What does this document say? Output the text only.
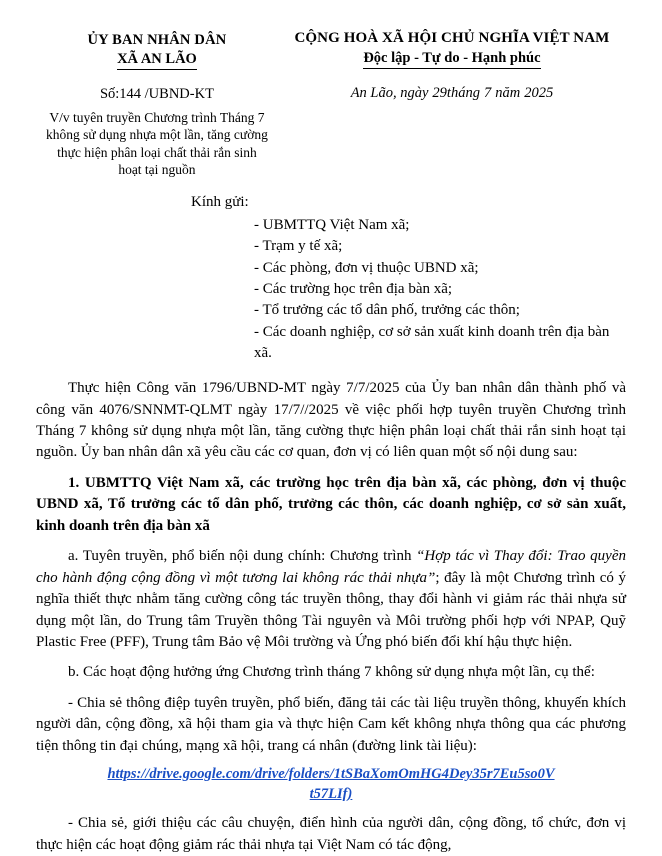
ỦY BAN NHÂN DÂN
XÃ AN LÃO
CỘNG HOÀ XÃ HỘI CHỦ NGHĨA VIỆT NAM
Độc lập - Tự do - Hạnh phúc
Số:144 /UBND-KT
V/v tuyên truyền Chương trình Tháng 7 không sử dụng nhựa một lần, tăng cường thực hiện phân loại chất thải rắn sinh hoạt tại nguồn
An Lão, ngày 29tháng 7 năm 2025
Kính gửi:
- UBMTTQ Việt Nam xã;
- Trạm y tế xã;
- Các phòng, đơn vị thuộc UBND xã;
- Các trường học trên địa bàn xã;
- Tổ trưởng các tổ dân phố, trưởng các thôn;
- Các doanh nghiệp, cơ sở sản xuất kinh doanh trên địa bàn xã.
Thực hiện Công văn 1796/UBND-MT ngày 7/7/2025 của Ủy ban nhân dân thành phố và công văn 4076/SNNMT-QLMT ngày 17/7//2025 về việc phối hợp tuyên truyền Chương trình Tháng 7 không sử dụng nhựa một lần, tăng cường thực hiện phân loại chất thải rắn sinh hoạt tại nguồn. Ủy ban nhân dân xã yêu cầu các cơ quan, đơn vị có liên quan một số nội dung sau:
1. UBMTTQ Việt Nam xã, các trường học trên địa bàn xã, các phòng, đơn vị thuộc UBND xã, Tổ trưởng các tổ dân phố, trưởng các thôn, các doanh nghiệp, cơ sở sản xuất, kinh doanh trên địa bàn xã
a. Tuyên truyền, phổ biến nội dung chính: Chương trình “Hợp tác vì Thay đổi: Trao quyền cho hành động cộng đồng vì một tương lai không rác thải nhựa”; đây là một Chương trình có ý nghĩa thiết thực nhằm tăng cường công tác truyền thông, thay đổi hành vi giảm rác thải nhựa sử dụng một lần, do Trung tâm Truyền thông Tài nguyên và Môi trường phối hợp với NPAP, Quỹ Plastic Free (PFF), Trung tâm Bảo vệ Môi trường và Ứng phó biến đổi khí hậu thực hiện.
b. Các hoạt động hưởng ứng Chương trình tháng 7 không sử dụng nhựa một lần, cụ thể:
- Chia sẻ thông điệp tuyên truyền, phổ biến, đăng tải các tài liệu truyền thông, khuyến khích người dân, cộng đồng, xã hội tham gia và thực hiện Cam kết không nhựa thông qua các phương tiện thông tin đại chúng, mạng xã hội, trang cá nhân (đường link tài liệu):
https://drive.google.com/drive/folders/1tSBaXomOmHG4Dey35r7Eu5so0Vt57LIf)
- Chia sẻ, giới thiệu các câu chuyện, điển hình của người dân, cộng đồng, tổ chức, đơn vị thực hiện các hoạt động giảm rác thải nhựa tại Việt Nam có tác động,
